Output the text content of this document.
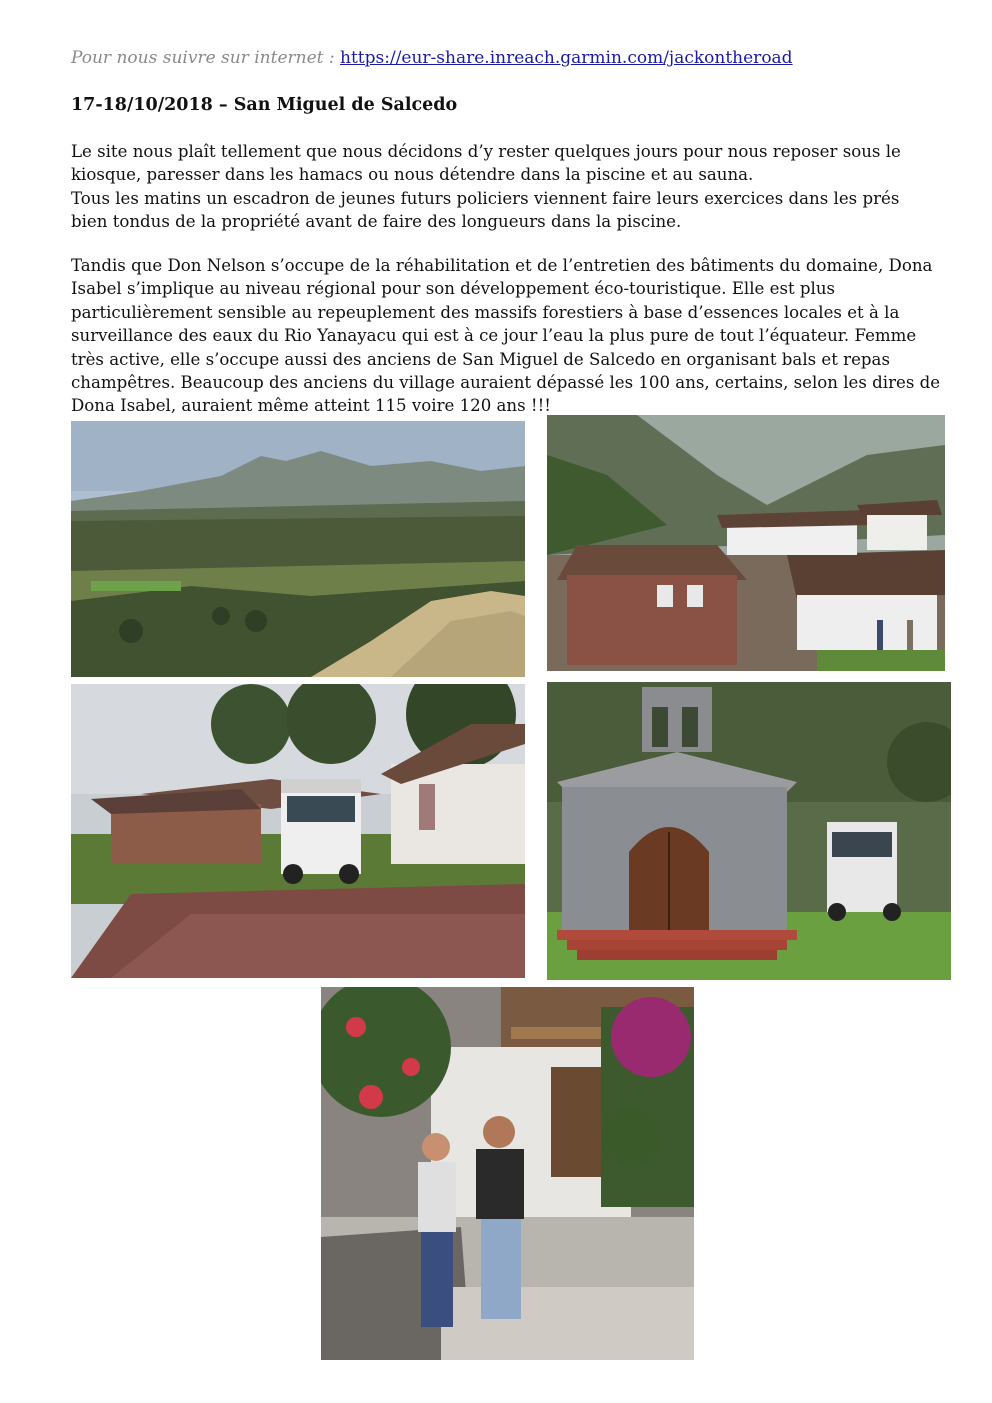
Pour nous suivre sur internet : https://eur-share.inreach.garmin.com/jackontheroad
17-18/10/2018 – San Miguel de Salcedo

Le site nous plaît tellement que nous décidons d’y rester quelques jours pour nous reposer sous le kiosque, paresser dans les hamacs ou nous détendre dans la piscine et au sauna.

Tous les matins un escadron de jeunes futurs policiers viennent faire leurs exercices dans les prés bien tondus de la propriété avant de faire des longueurs dans la piscine.

Tandis que Don Nelson s’occupe de la réhabilitation et de l’entretien des bâtiments du domaine, Dona Isabel s’implique au niveau régional pour son développement éco-touristique. Elle est plus particulièrement sensible au repeuplement des massifs forestiers à base d’essences locales et à la surveillance des eaux du Rio Yanayacu qui est à ce jour l’eau la plus pure de tout l’équateur. Femme très active, elle s’occupe aussi des anciens de San Miguel de Salcedo en organisant bals et repas champêtres. Beaucoup des anciens du village auraient dépassé les 100 ans, certains, selon les dires de Dona Isabel, auraient même atteint 115 voire 120 ans !!!
